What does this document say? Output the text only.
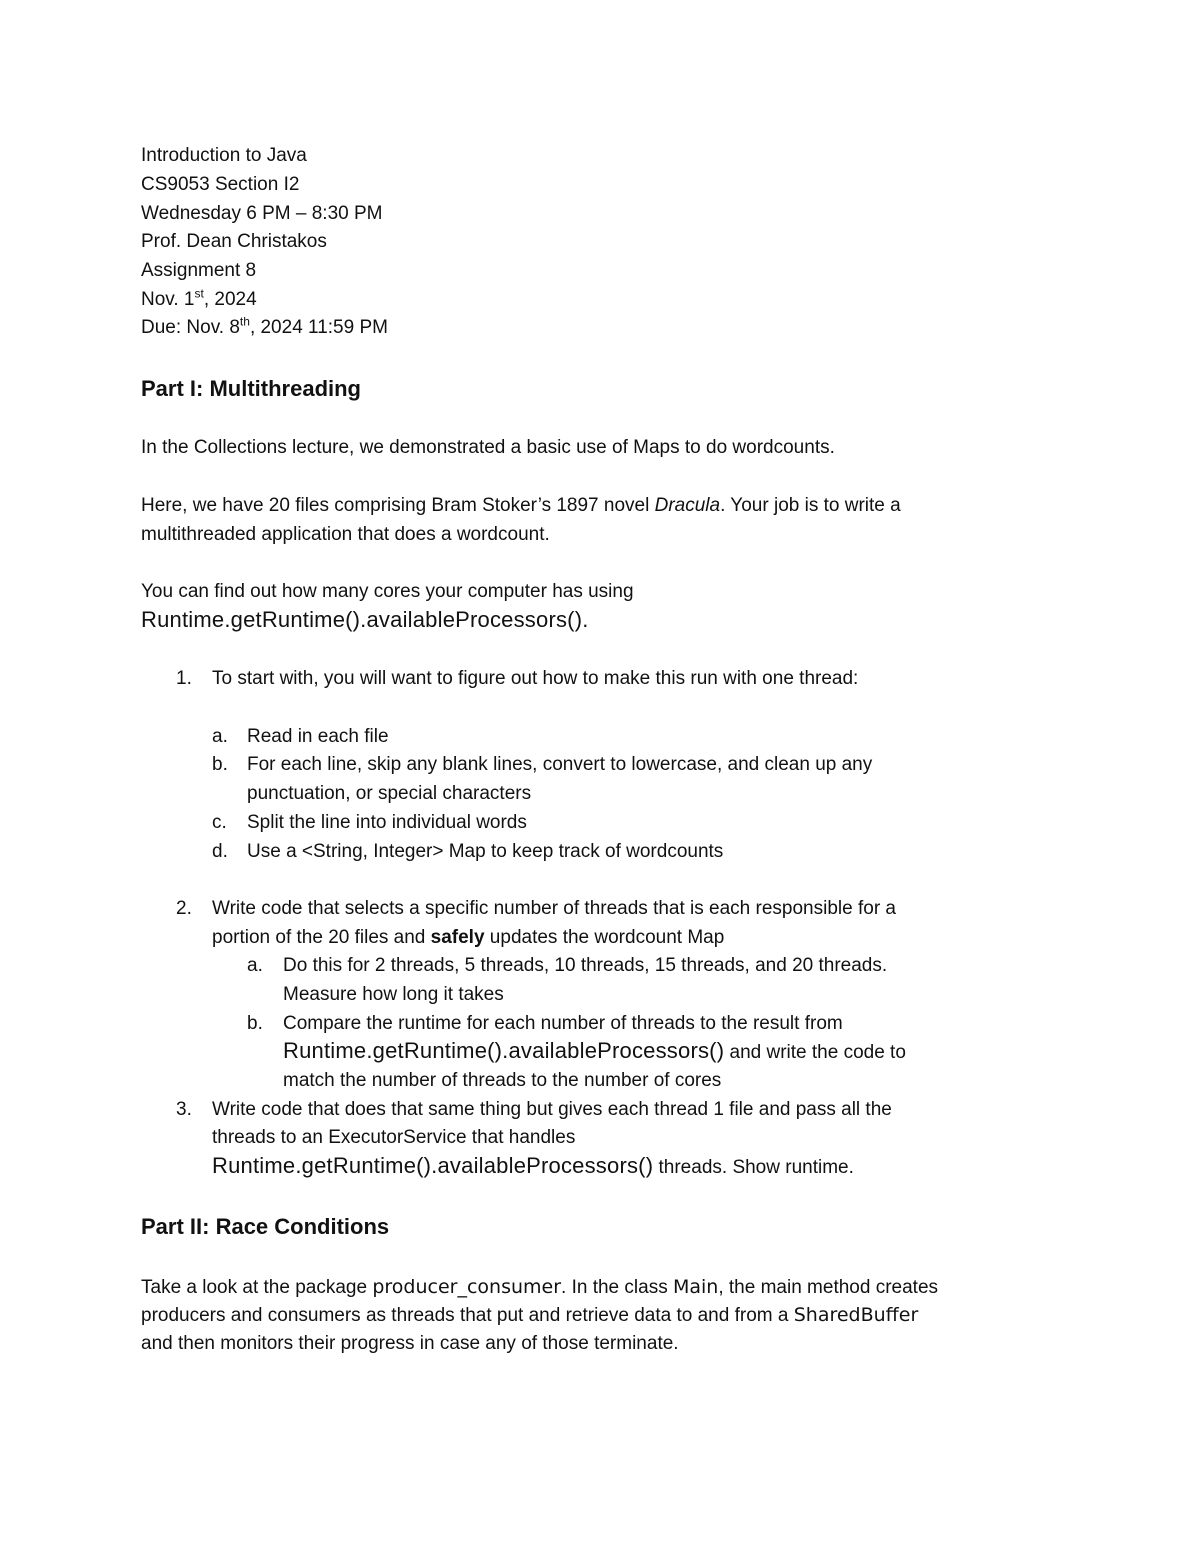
Introduction to Java
CS9053 Section I2
Wednesday 6 PM – 8:30 PM
Prof. Dean Christakos
Assignment 8
Nov. 1st, 2024
Due: Nov. 8th, 2024 11:59 PM
Part I: Multithreading
In the Collections lecture, we demonstrated a basic use of Maps to do wordcounts.
Here, we have 20 files comprising Bram Stoker’s 1897 novel Dracula. Your job is to write a
multithreaded application that does a wordcount.
You can find out how many cores your computer has using
Runtime.getRuntime().availableProcessors().
1. To start with, you will want to figure out how to make this run with one thread:
a. Read in each file
b. For each line, skip any blank lines, convert to lowercase, and clean up any
punctuation, or special characters
c. Split the line into individual words
d. Use a <String, Integer> Map to keep track of wordcounts
2. Write code that selects a specific number of threads that is each responsible for a
portion of the 20 files and safely updates the wordcount Map
a. Do this for 2 threads, 5 threads, 10 threads, 15 threads, and 20 threads.
Measure how long it takes
b. Compare the runtime for each number of threads to the result from
Runtime.getRuntime().availableProcessors() and write the code to
match the number of threads to the number of cores
3. Write code that does that same thing but gives each thread 1 file and pass all the
threads to an ExecutorService that handles
Runtime.getRuntime().availableProcessors() threads. Show runtime.
Part II: Race Conditions
Take a look at the package producer_consumer. In the class Main, the main method creates
producers and consumers as threads that put and retrieve data to and from a SharedBuffer
and then monitors their progress in case any of those terminate.
